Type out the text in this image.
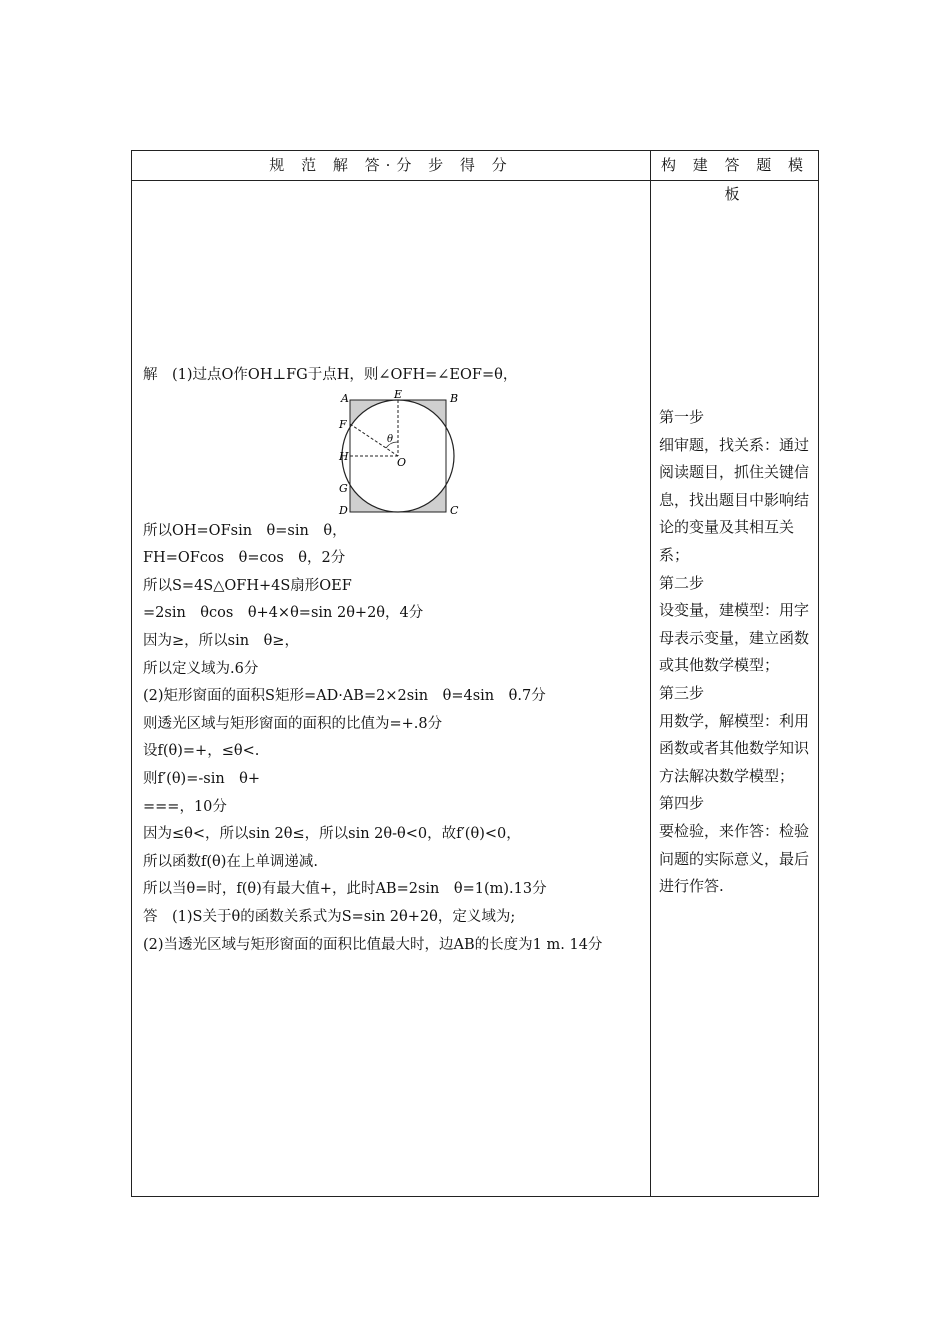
规 范 解 答·分 步 得 分	构 建 答 题 模 板
解　(1)过点O作OH⊥FG于点H，则∠OFH=∠EOF=θ，
A	B
C
D
E
F
G
H	O
θ
所以OH=OFsin　θ=sin　θ，
FH=OFcos　θ=cos　θ，2分
所以S=4S△OFH+4S扇形OEF
=2sin　θcos　θ+4×θ=sin 2θ+2θ，4分
因为≥，所以sin　θ≥，
所以定义域为.6分
(2)矩形窗面的面积S矩形=AD·AB=2×2sin　θ=4sin　θ.7分
则透光区域与矩形窗面的面积的比值为=+.8分
设f(θ)=+，≤θ<.
则f′(θ)=-sin　θ+
===，10分
因为≤θ<，所以sin 2θ≤，所以sin 2θ-θ<0，故f′(θ)<0，
所以函数f(θ)在上单调递减.
所以当θ=时，f(θ)有最大值+，此时AB=2sin　θ=1(m).13分
答　(1)S关于θ的函数关系式为S=sin 2θ+2θ，定义域为;
(2)当透光区域与矩形窗面的面积比值最大时，边AB的长度为1 m. 14分
第一步
细审题，找关系：通过阅读题目，抓住关键信息，找出题目中影响结论的变量及其相互关系；
第二步
设变量，建模型：用字母表示变量，建立函数或其他数学模型；
第三步
用数学，解模型：利用函数或者其他数学知识方法解决数学模型；
第四步
要检验，来作答：检验问题的实际意义，最后进行作答.
